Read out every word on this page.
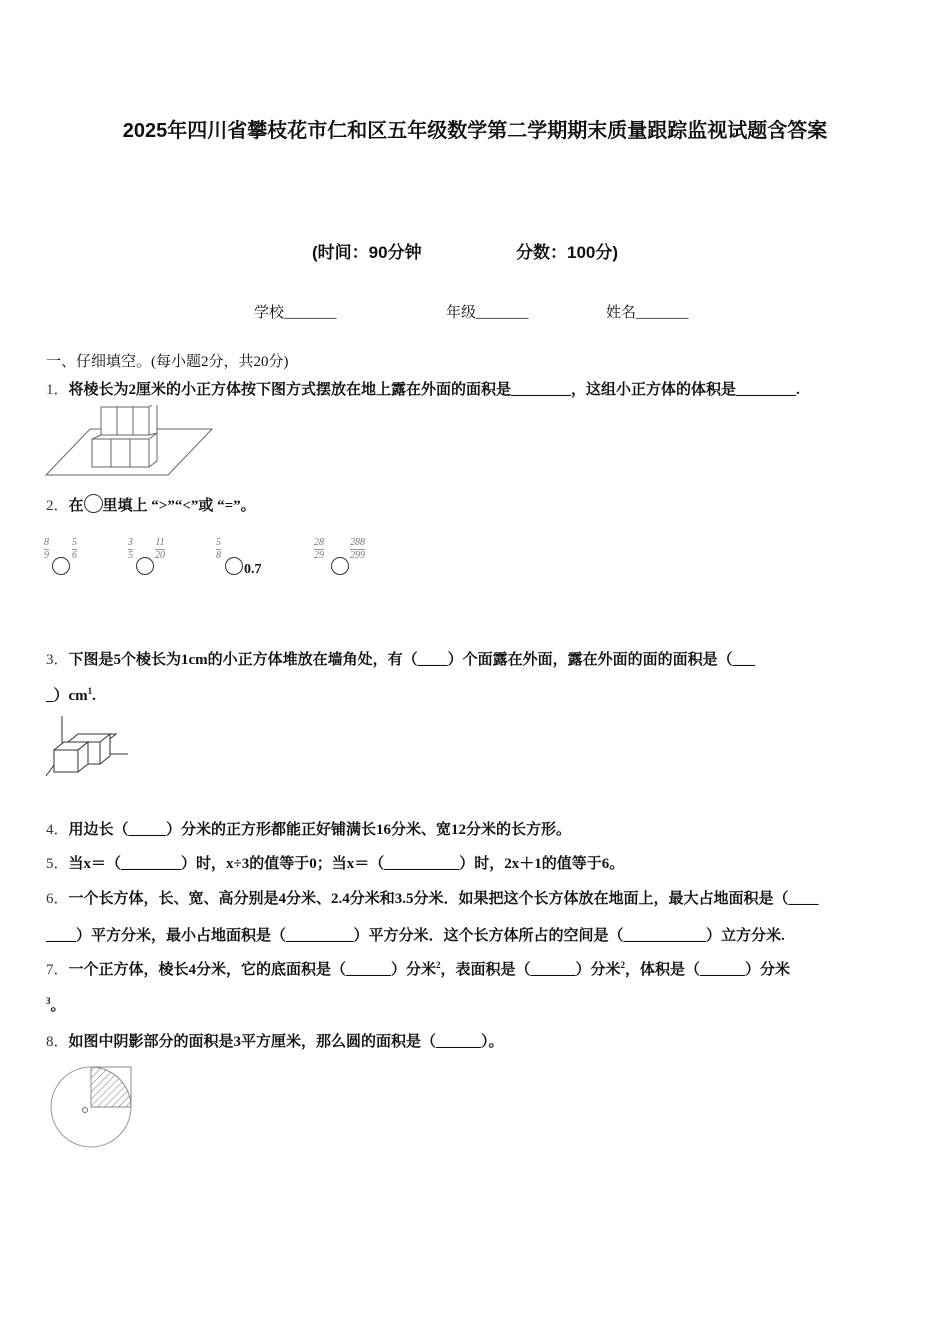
2025年四川省攀枝花市仁和区五年级数学第二学期期末质量跟踪监视试题含答案
(时间：90分钟	分数：100分)
学校_______	年级_______	姓名_______
一、仔细填空。(每小题2分，共20分)
1．将棱长为2厘米的小正方体按下图方式摆放在地上露在外面的面积是________，这组小正方体的体积是________.
2．在 里填上 “>”“<”或 “=”。
$\frac{8}{9} \frac{5}{6}$	$\frac{3}{5} \frac{11}{20}$	$\frac{5}{8}$
0.7
$\frac{28}{29}$	$\frac{288}{299}$
3．下图是5个棱长为1cm的小正方体堆放在墙角处，有（____）个面露在外面，露在外面的面的面积是（___
$\_)cm^1$.
4．用边长（_____）分米的正方形都能正好铺满长16分米、宽12分米的长方形。
5．当x＝（________）时，x÷3的值等于0；当x＝（__________）时，2x＋1的值等于6。
6．一个长方体，长、宽、高分别是4分米、2.4分米和3.5分米．如果把这个长方体放在地面上，最大占地面积是（____
____）平方分米，最小占地面积是（_________）平方分米．这个长方体所占的空间是（___________）立方分米.
7．一个正方体，棱长4分米，它的底面积是（______）分米$^2$，表面积是（______）分米$^2$，体积是（______）分米
$^3$。
8．如图中阴影部分的面积是3平方厘米，那么圆的面积是（______）。
